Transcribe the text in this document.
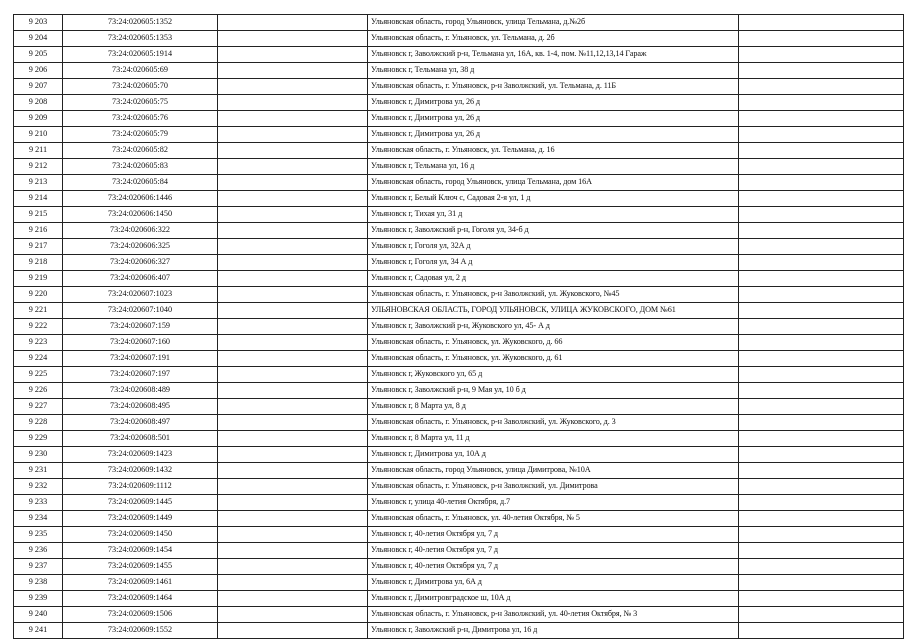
9 203	73:24:020605:1352		Ульяновская область, город Ульяновск, улица Тельмана, д.№2б	
9 204	73:24:020605:1353		Ульяновская область, г. Ульяновск, ул. Тельмана, д. 2б	
9 205	73:24:020605:1914		Ульяновск г, Заволжский р-н, Тельмана ул, 16А, кв. 1-4, пом. №11,12,13,14 Гараж	
9 206	73:24:020605:69		Ульяновск г, Тельмана ул, 38 д	
9 207	73:24:020605:70		Ульяновская область, г. Ульяновск, р-н Заволжский, ул. Тельмана, д. 11Б	
9 208	73:24:020605:75		Ульяновск г, Димитрова ул, 26 д	
9 209	73:24:020605:76		Ульяновск г, Димитрова ул, 26 д	
9 210	73:24:020605:79		Ульяновск г, Димитрова ул, 26 д	
9 211	73:24:020605:82		Ульяновская область, г. Ульяновск, ул. Тельмана, д. 16	
9 212	73:24:020605:83		Ульяновск г, Тельмана ул, 16 д	
9 213	73:24:020605:84		Ульяновская область, город Ульяновск, улица Тельмана, дом 16А	
9 214	73:24:020606:1446		Ульяновск г, Белый Ключ с, Садовая 2-я ул, 1 д	
9 215	73:24:020606:1450		Ульяновск г, Тихая ул, 31 д	
9 216	73:24:020606:322		Ульяновск г, Заволжский р-н, Гоголя ул, 34-б д	
9 217	73:24:020606:325		Ульяновск г, Гоголя ул, 32А д	
9 218	73:24:020606:327		Ульяновск г, Гоголя ул, 34 А д	
9 219	73:24:020606:407		Ульяновск г, Садовая ул, 2 д	
9 220	73:24:020607:1023		Ульяновская область, г. Ульяновск, р-н Заволжский, ул. Жуковского, №45	
9 221	73:24:020607:1040		УЛЬЯНОВСКАЯ ОБЛАСТЬ, ГОРОД УЛЬЯНОВСК, УЛИЦА ЖУКОВСКОГО, ДОМ №61	
9 222	73:24:020607:159		Ульяновск г, Заволжский р-н, Жуковского ул, 45- А д	
9 223	73:24:020607:160		Ульяновская область, г. Ульяновск, ул. Жуковского, д. 66	
9 224	73:24:020607:191		Ульяновская область, г. Ульяновск, ул. Жуковского, д. 61	
9 225	73:24:020607:197		Ульяновск г, Жуковского ул, 65 д	
9 226	73:24:020608:489		Ульяновск г, Заволжский р-н, 9 Мая ул, 10 б д	
9 227	73:24:020608:495		Ульяновск г, 8 Марта ул, 8 д	
9 228	73:24:020608:497		Ульяновская область, г. Ульяновск, р-н Заволжский, ул. Жуковского, д. 3	
9 229	73:24:020608:501		Ульяновск г, 8 Марта ул, 11 д	
9 230	73:24:020609:1423		Ульяновск г, Димитрова ул, 10А д	
9 231	73:24:020609:1432		Ульяновская область, город Ульяновск, улица Димитрова, №10А	
9 232	73:24:020609:1112		Ульяновская область, г. Ульяновск, р-н Заволжский, ул. Димитрова	
9 233	73:24:020609:1445		Ульяновск г, улица 40-летия Октября, д.7	
9 234	73:24:020609:1449		Ульяновская область, г. Ульяновск, ул. 40-летия Октября, № 5	
9 235	73:24:020609:1450		Ульяновск г, 40-летия Октября ул, 7 д	
9 236	73:24:020609:1454		Ульяновск г, 40-летия Октября ул, 7 д	
9 237	73:24:020609:1455		Ульяновск г, 40-летия Октября ул, 7 д	
9 238	73:24:020609:1461		Ульяновск г, Димитрова ул, 6А д	
9 239	73:24:020609:1464		Ульяновск г, Димитровградское ш, 10А д	
9 240	73:24:020609:1506		Ульяновская область, г. Ульяновск, р-н Заволжский, ул. 40-летия Октября, № 3	
9 241	73:24:020609:1552		Ульяновск г, Заволжский р-н, Димитрова ул, 16 д	
